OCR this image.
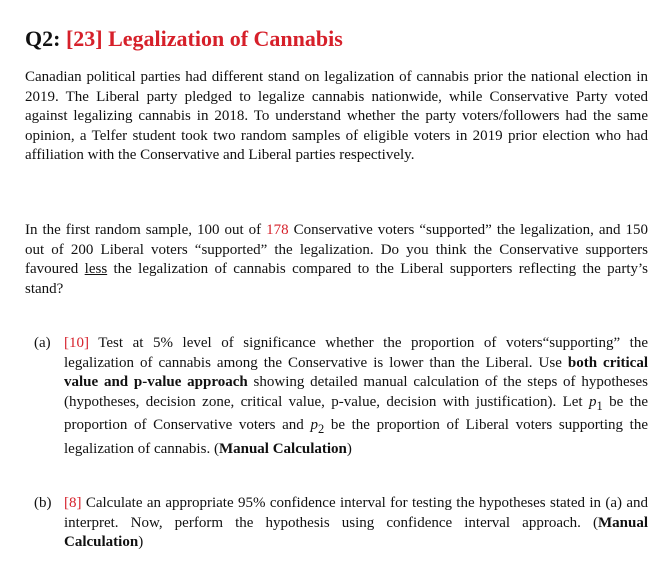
Q2: [23] Legalization of Cannabis
Canadian political parties had different stand on legalization of cannabis prior the national election in 2019. The Liberal party pledged to legalize cannabis nationwide, while Conservative Party voted against legalizing cannabis in 2018. To understand whether the party voters/followers had the same opinion, a Telfer student took two random samples of eligible voters in 2019 prior election who had affiliation with the Conservative and Liberal parties respectively.
In the first random sample, 100 out of 178 Conservative voters “supported” the legalization, and 150 out of 200 Liberal voters “supported” the legalization. Do you think the Conservative supporters favoured less the legalization of cannabis compared to the Liberal supporters reflecting the party’s stand?
(a) [10] Test at 5% level of significance whether the proportion of voters“supporting” the legalization of cannabis among the Conservative is lower than the Liberal. Use both critical value and p-value approach showing detailed manual calculation of the steps of hypotheses (hypotheses, decision zone, critical value, p-value, decision with justification). Let $p_1$ be the proportion of Conservative voters and $p_2$ be the proportion of Liberal voters supporting the legalization of cannabis. (Manual Calculation)
(b) [8] Calculate an appropriate 95% confidence interval for testing the hypotheses stated in (a) and interpret. Now, perform the hypothesis using confidence interval approach. (Manual Calculation)
